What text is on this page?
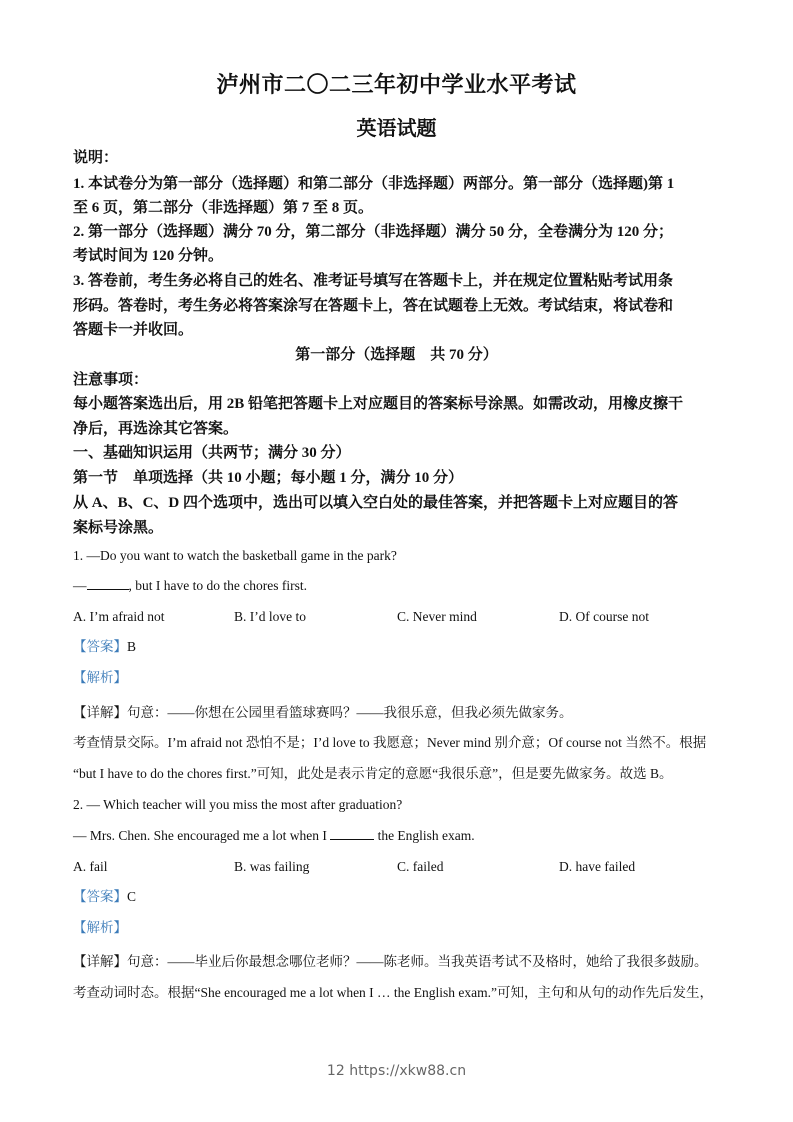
泸州市二〇二三年初中学业水平考试
英语试题
说明：
1. 本试卷分为第一部分（选择题）和第二部分（非选择题）两部分。第一部分（选择题)第 1
至 6 页，第二部分（非选择题）第 7 至 8 页。
2. 第一部分（选择题）满分 70 分，第二部分（非选择题）满分 50 分，全卷满分为 120 分；
考试时间为 120 分钟。
3. 答卷前，考生务必将自己的姓名、准考证号填写在答题卡上，并在规定位置粘贴考试用条
形码。答卷时，考生务必将答案涂写在答题卡上，答在试题卷上无效。考试结束，将试卷和
答题卡一并收回。
第一部分（选择题　共 70 分）
注意事项：
每小题答案选出后，用 2B 铅笔把答题卡上对应题目的答案标号涂黑。如需改动，用橡皮擦干
净后，再选涂其它答案。
一、基础知识运用（共两节；满分 30 分）
第一节　单项选择（共 10 小题；每小题 1 分，满分 10 分）
从 A、B、C、D 四个选项中，选出可以填入空白处的最佳答案，并把答题卡上对应题目的答
案标号涂黑。
1. —Do you want to watch the basketball game in the park?
—	, but I have to do the chores first.
A. I’m afraid not	B. I’d love to	C. Never mind	D. Of course not
【答案】B
【解析】
【详解】句意：——你想在公园里看篮球赛吗？——我很乐意，但我必须先做家务。
考查情景交际。I’m afraid not 恐怕不是；I’d love to 我愿意；Never mind 别介意；Of course not 当然不。根据
“but I have to do the chores first.”可知，此处是表示肯定的意愿“我很乐意”，但是要先做家务。故选 B。
2. — Which teacher will you miss the most after graduation?
— Mrs. Chen. She encouraged me a lot when I	the English exam.
A. fail	B. was failing	C. failed	D. have failed
【答案】C
【解析】
【详解】句意：——毕业后你最想念哪位老师？——陈老师。当我英语考试不及格时，她给了我很多鼓励。
考查动词时态。根据“She encouraged me a lot when I … the English exam.”可知，主句和从句的动作先后发生，
12 https://xkw88.cn
